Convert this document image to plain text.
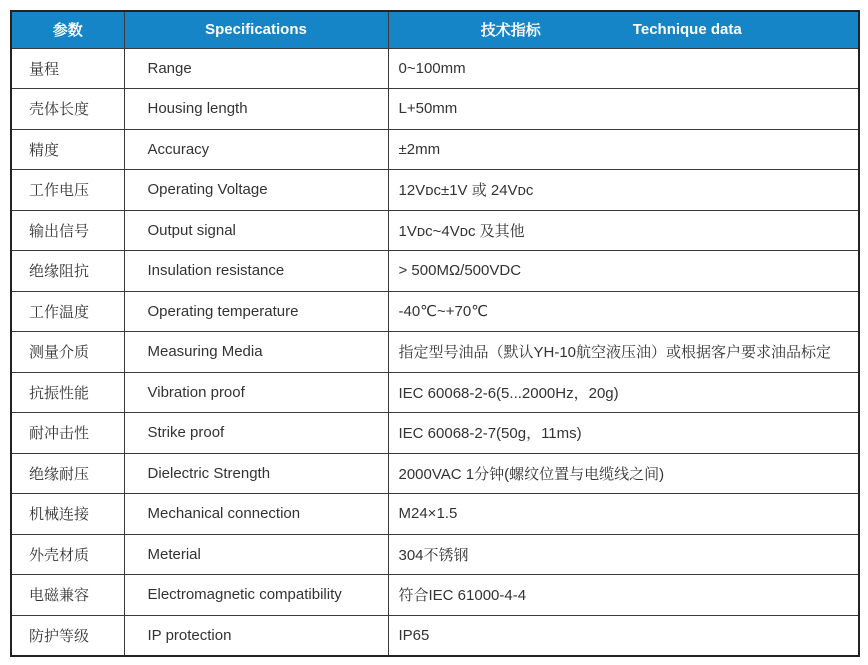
参数	Specifications	技术指标 Technique data

量程	Range	0~100mm
壳体长度	Housing length	L+50mm
精度	Accuracy	±2mm
工作电压	Operating Voltage	12Vᴅᴄ±1V 或 24Vᴅᴄ
输出信号	Output signal	1Vᴅᴄ~4Vᴅᴄ 及其他
绝缘阻抗	Insulation resistance	> 500MΩ/500VDC
工作温度	Operating temperature	-40℃~+70℃
测量介质	Measuring Media	指定型号油品（默认YH-10航空液压油）或根据客户要求油品标定
抗振性能	Vibration proof	IEC 60068-2-6(5...2000Hz，20g)
耐冲击性	Strike proof	IEC 60068-2-7(50g，11ms)
绝缘耐压	Dielectric Strength	2000VAC 1分钟(螺纹位置与电缆线之间)
机械连接	Mechanical connection	M24×1.5
外壳材质	Meterial	304不锈钢
电磁兼容	Electromagnetic compatibility	符合IEC 61000-4-4
防护等级	IP protection	IP65
